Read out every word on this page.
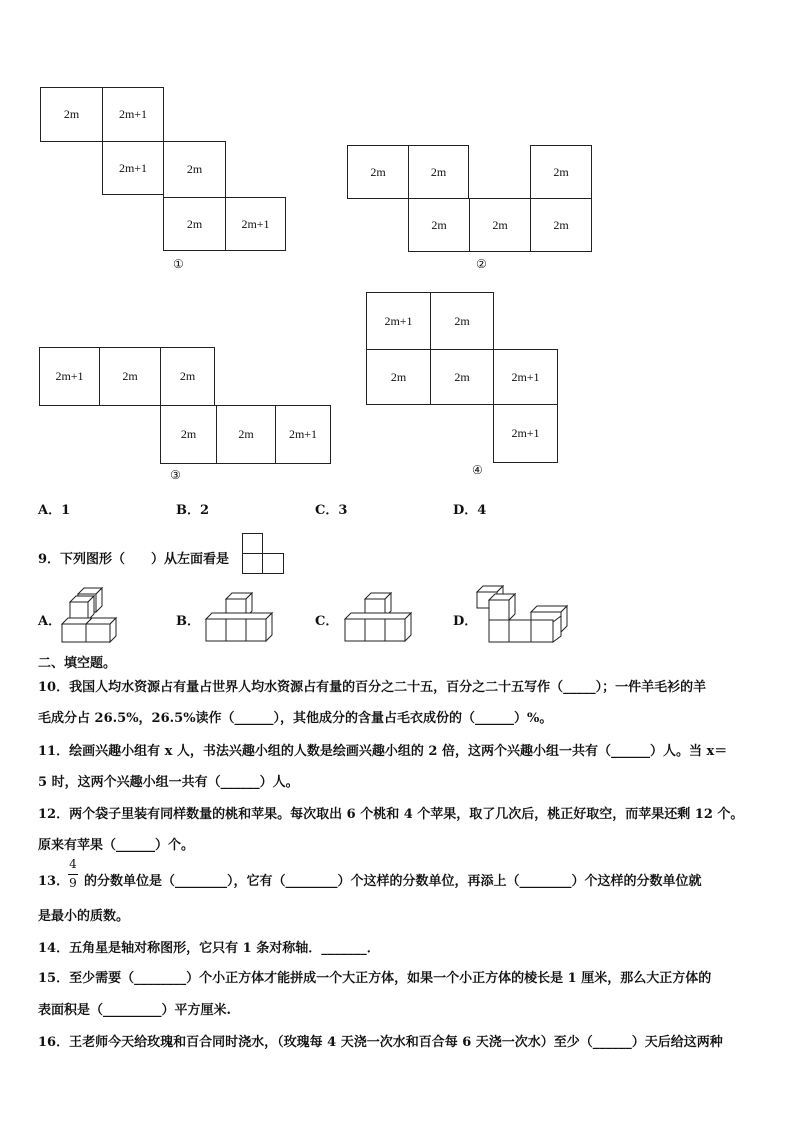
2m	2m+1
2m+1	2m
2m	2m+1
①
2m	2m	2m
2m	2m	2m
②
2m+1	2m	2m
2m	2m	2m+1
③
2m+1	2m
2m	2m	2m+1
2m+1
④
A．1	B．2	C．3	D．4
9．下列图形（　　）从左面看是
A．	B．	C．	D．
二、填空题。
10．我国人均水资源占有量占世界人均水资源占有量的百分之二十五，百分之二十五写作（_____）；一件羊毛衫的羊
毛成分占 26.5%，26.5%读作（______），其他成分的含量占毛衣成份的（______）%。
11．绘画兴趣小组有 x 人，书法兴趣小组的人数是绘画兴趣小组的 2 倍，这两个兴趣小组一共有（______）人。当 x＝
5 时，这两个兴趣小组一共有（______）人。
12．两个袋子里装有同样数量的桃和苹果。每次取出 6 个桃和 4 个苹果，取了几次后，桃正好取空，而苹果还剩 12 个。
原来有苹果（______）个。
13．
4
9 的分数单位是（________），它有（________）个这样的分数单位，再添上（________）个这样的分数单位就
是最小的质数。
14．五角星是轴对称图形，它只有 1 条对称轴．_______．
15．至少需要（________）个小正方体才能拼成一个大正方体，如果一个小正方体的棱长是 1 厘米，那么大正方体的
表面积是（_________）平方厘米.
16．王老师今天给玫瑰和百合同时浇水，（玫瑰每 4 天浇一次水和百合每 6 天浇一次水）至少（______）天后给这两种
